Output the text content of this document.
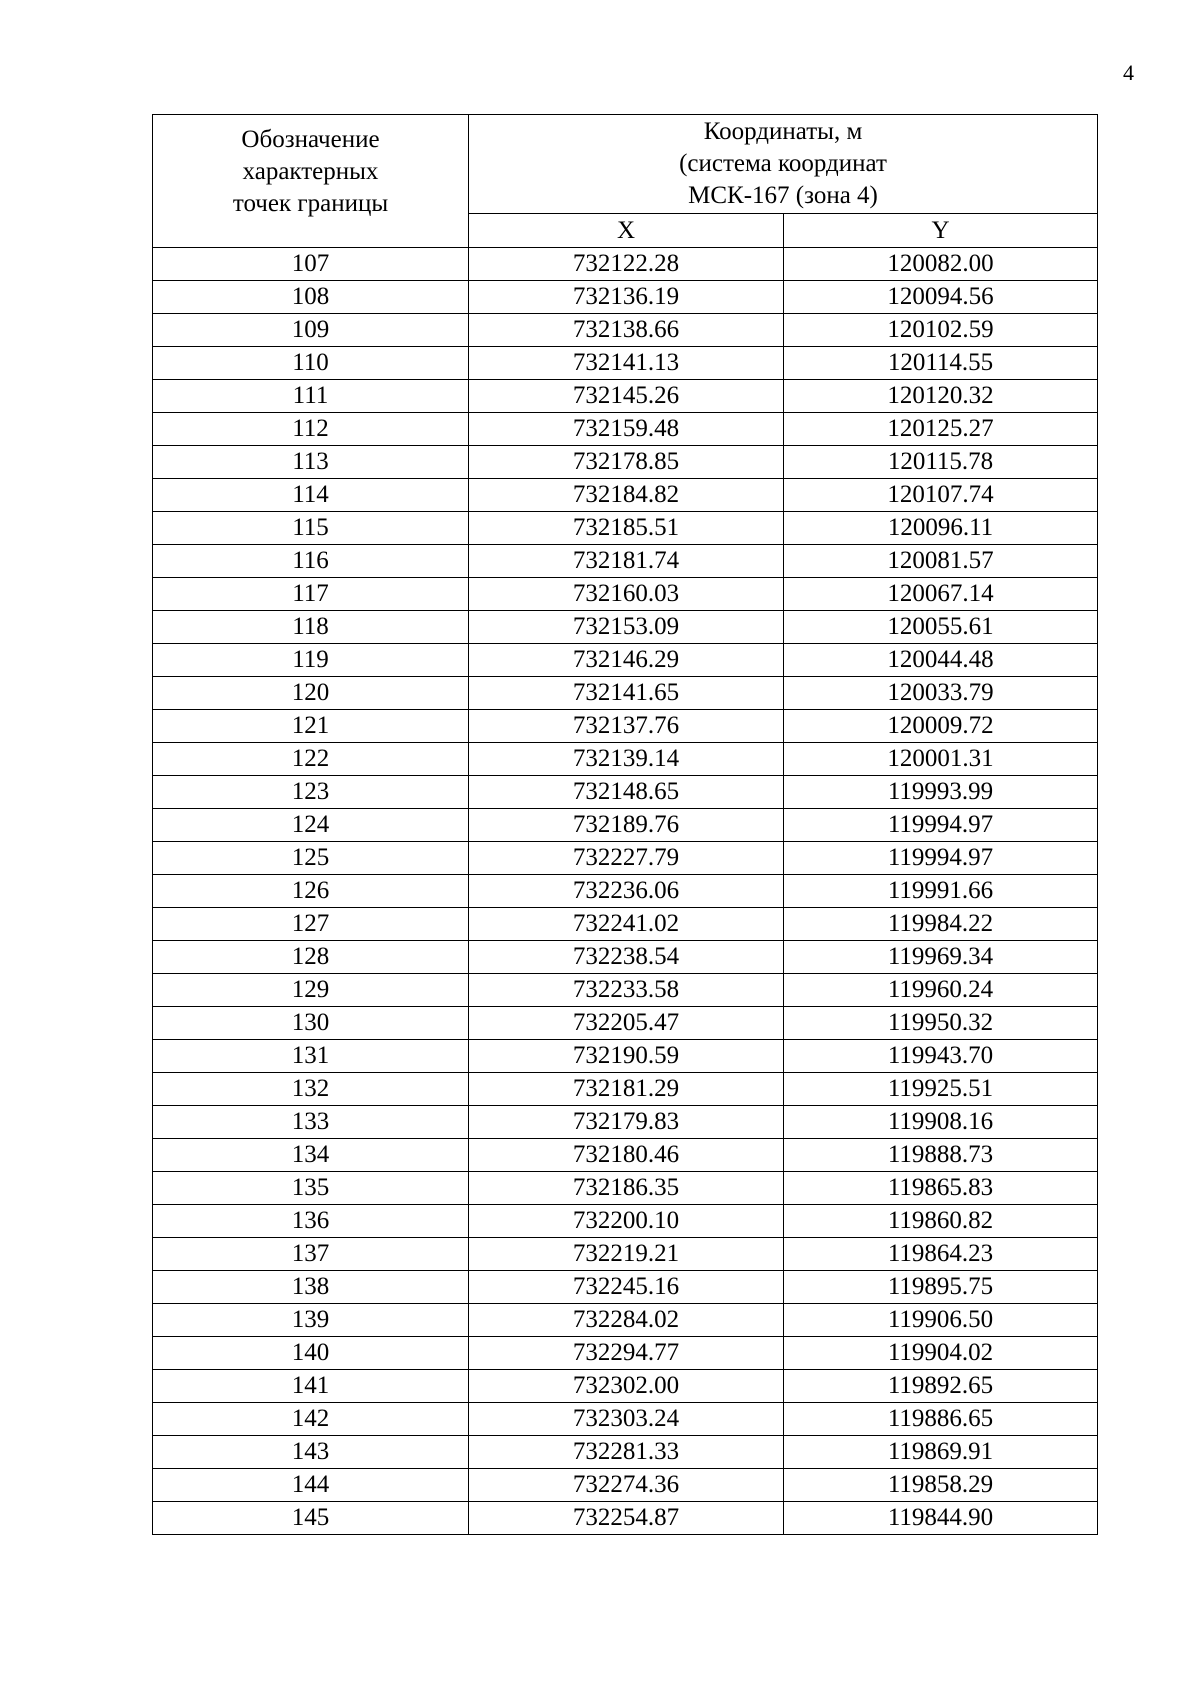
4
Обозначение
характерных
точек границы	Координаты, м
(система координат
МСК-167 (зона 4)	

	X	Y
107	732122.28	120082.00
108	732136.19	120094.56
109	732138.66	120102.59
110	732141.13	120114.55
111	732145.26	120120.32
112	732159.48	120125.27
113	732178.85	120115.78
114	732184.82	120107.74
115	732185.51	120096.11
116	732181.74	120081.57
117	732160.03	120067.14
118	732153.09	120055.61
119	732146.29	120044.48
120	732141.65	120033.79
121	732137.76	120009.72
122	732139.14	120001.31
123	732148.65	119993.99
124	732189.76	119994.97
125	732227.79	119994.97
126	732236.06	119991.66
127	732241.02	119984.22
128	732238.54	119969.34
129	732233.58	119960.24
130	732205.47	119950.32
131	732190.59	119943.70
132	732181.29	119925.51
133	732179.83	119908.16
134	732180.46	119888.73
135	732186.35	119865.83
136	732200.10	119860.82
137	732219.21	119864.23
138	732245.16	119895.75
139	732284.02	119906.50
140	732294.77	119904.02
141	732302.00	119892.65
142	732303.24	119886.65
143	732281.33	119869.91
144	732274.36	119858.29
145	732254.87	119844.90
